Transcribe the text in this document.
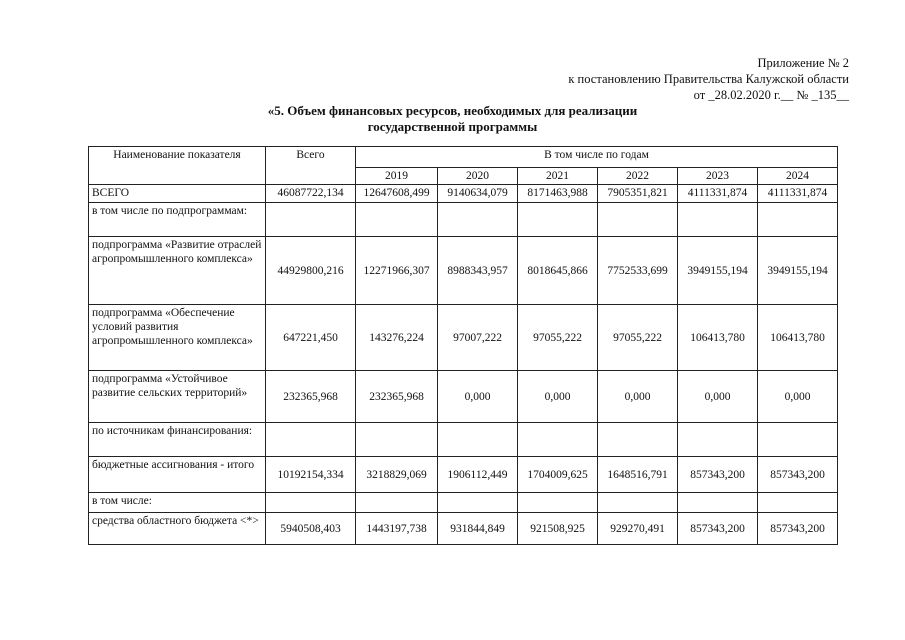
Приложение № 2
к постановлению Правительства Калужской области
от _28.02.2020 г.__ № _135__
«5. Объем финансовых ресурсов, необходимых для реализации
государственной программы
Наименование показателя	Всего	В том числе по годам					
		2019	2020	2021	2022	2023	2024
ВСЕГО	46087722,134	12647608,499	9140634,079	8171463,988	7905351,821	4111331,874	4111331,874
в том числе по подпрограммам:							
подпрограмма «Развитие отраслей агропромышленного комплекса»	44929800,216	12271966,307	8988343,957	8018645,866	7752533,699	3949155,194	3949155,194
подпрограмма «Обеспечение условий развития агропромышленного комплекса»	647221,450	143276,224	97007,222	97055,222	97055,222	106413,780	106413,780
подпрограмма «Устойчивое развитие сельских территорий»	232365,968	232365,968	0,000	0,000	0,000	0,000	0,000
по источникам финансирования:							
бюджетные ассигнования - итого	10192154,334	3218829,069	1906112,449	1704009,625	1648516,791	857343,200	857343,200
в том числе:							
средства областного бюджета <*>	5940508,403	1443197,738	931844,849	921508,925	929270,491	857343,200	857343,200
